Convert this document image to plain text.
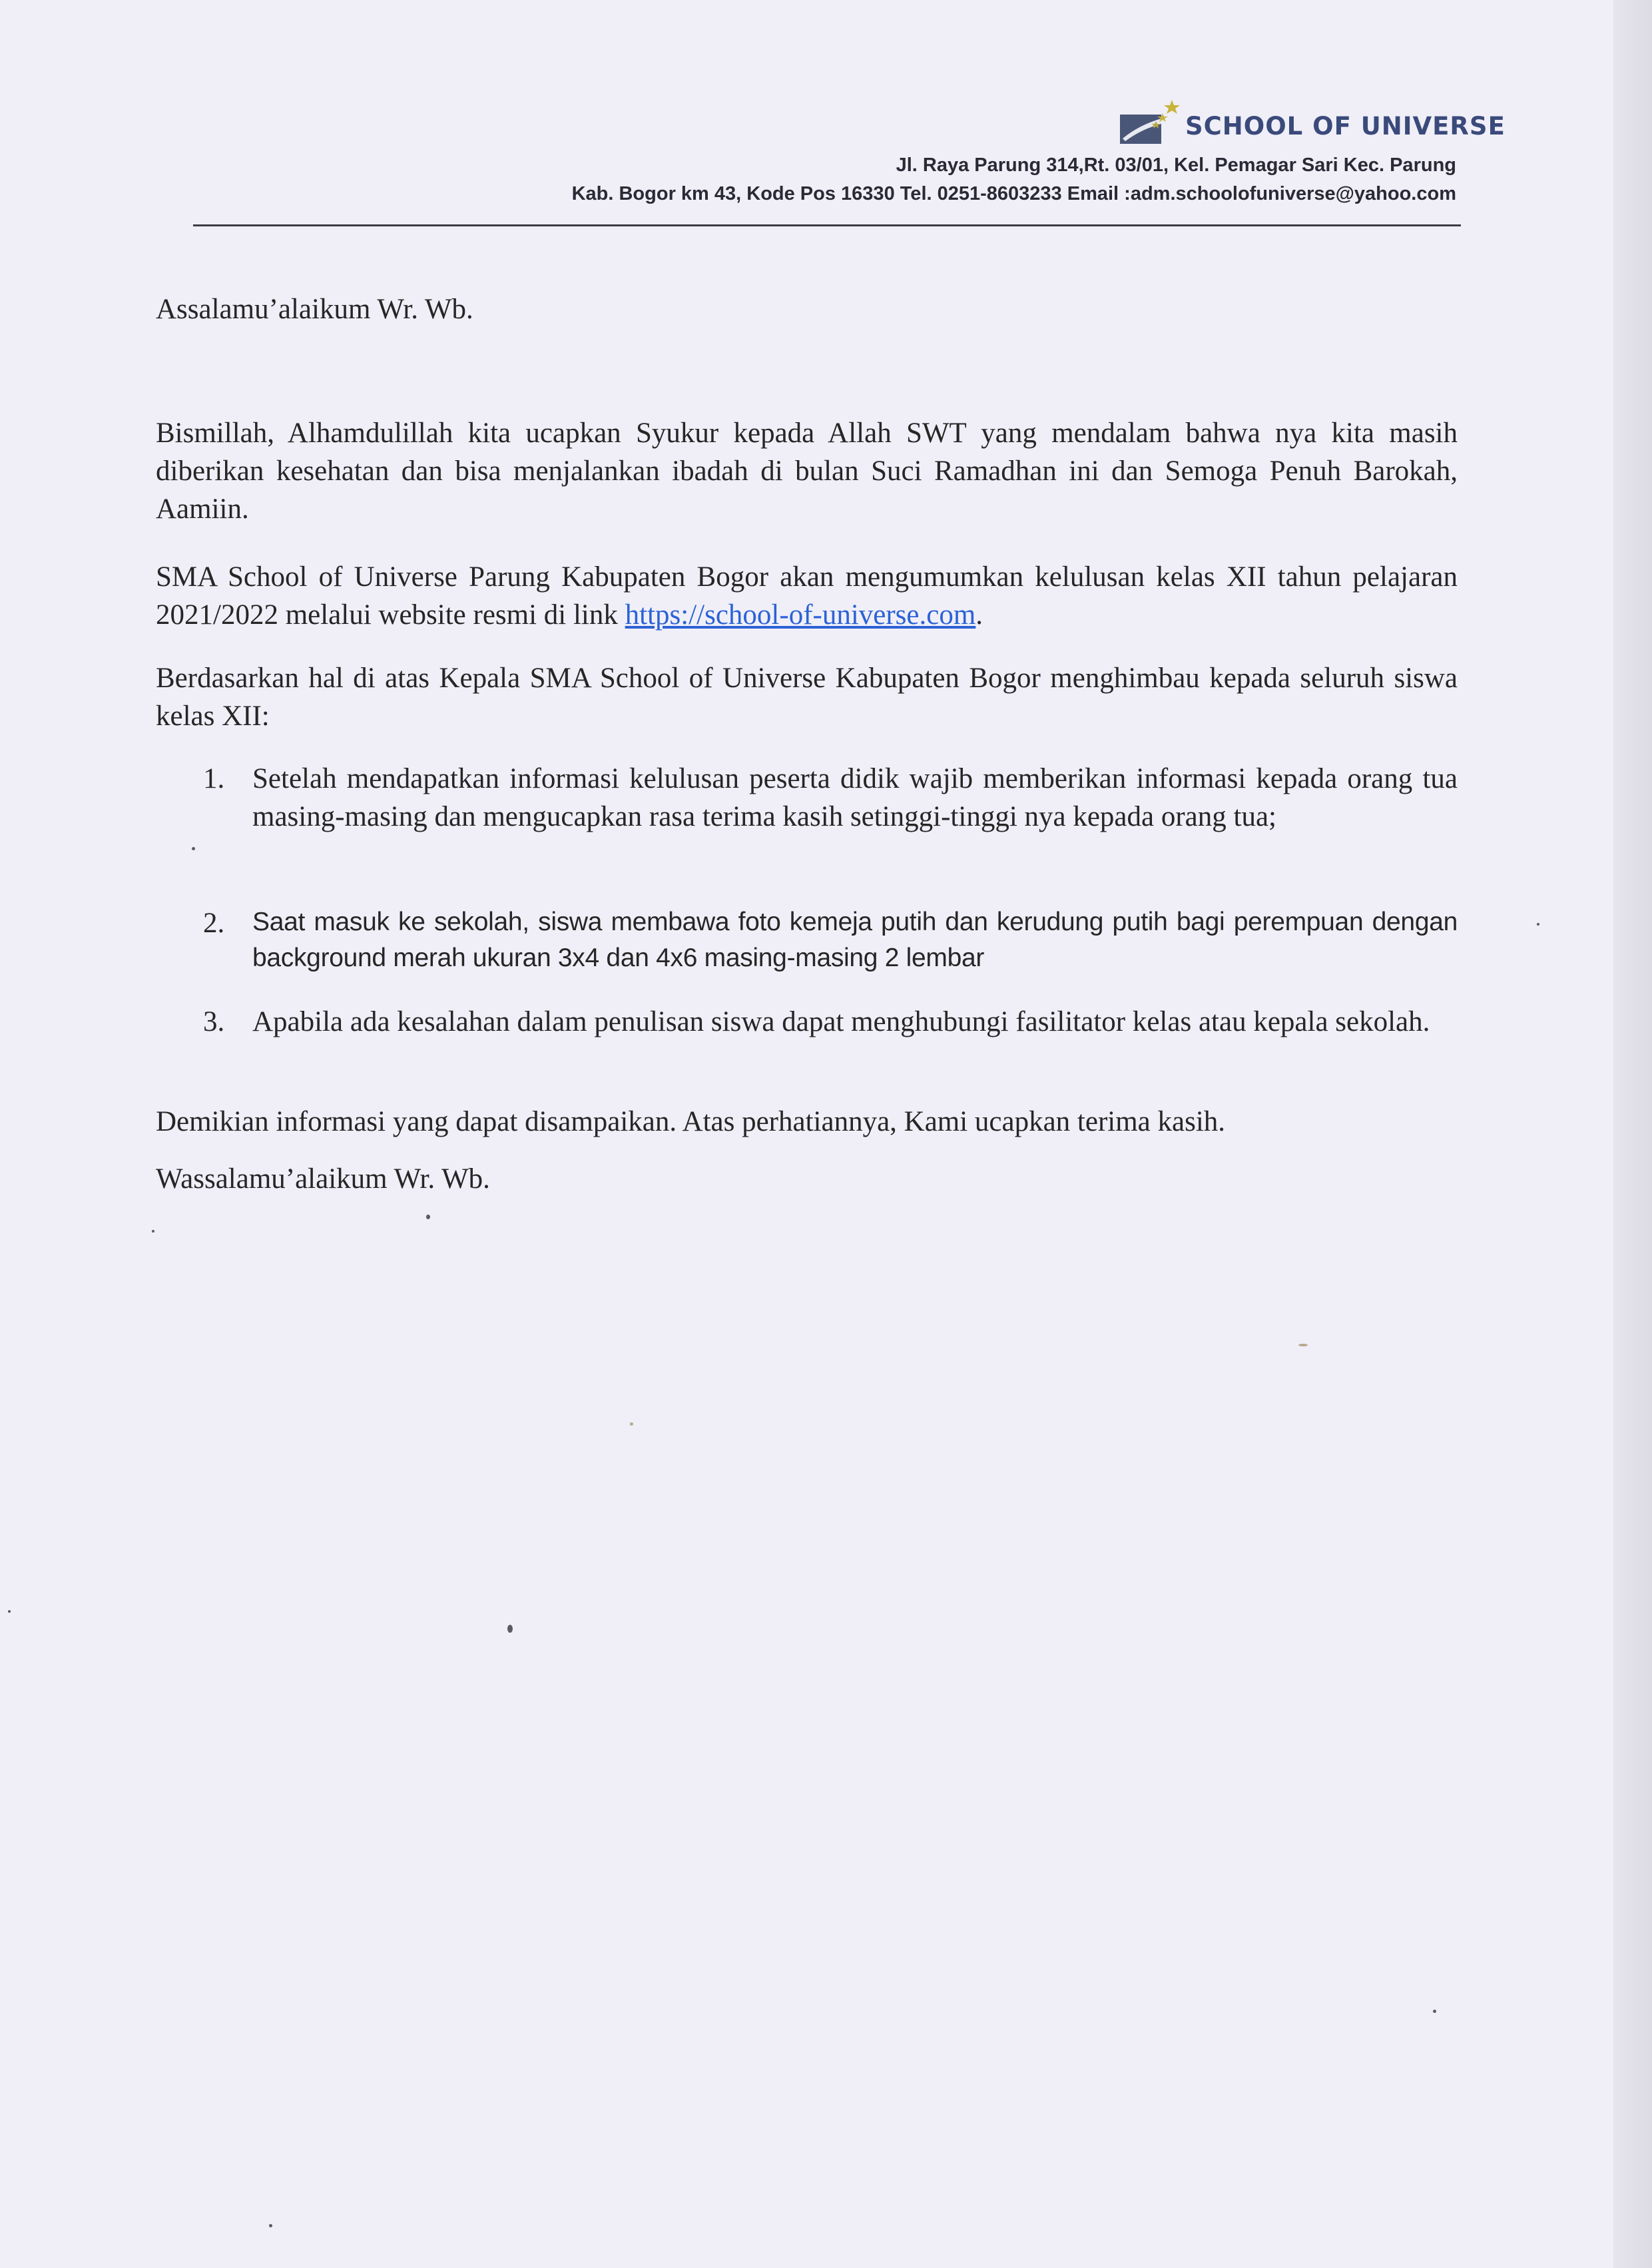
SCHOOL OF UNIVERSE
Jl. Raya Parung 314,Rt. 03/01, Kel. Pemagar Sari Kec. Parung
Kab. Bogor km 43, Kode Pos 16330 Tel. 0251-8603233 Email :adm.schoolofuniverse@yahoo.com
Assalamu’alaikum Wr. Wb.
Bismillah, Alhamdulillah kita ucapkan Syukur kepada Allah SWT yang mendalam bahwa nya kita masih diberikan kesehatan dan bisa menjalankan ibadah di bulan Suci Ramadhan ini dan Semoga Penuh Barokah, Aamiin.
SMA School of Universe Parung Kabupaten Bogor akan mengumumkan kelulusan kelas XII tahun pelajaran 2021/2022 melalui website resmi di link https://school-of-universe.com.
Berdasarkan hal di atas Kepala SMA School of Universe Kabupaten Bogor menghimbau kepada seluruh siswa kelas XII:
1. Setelah mendapatkan informasi kelulusan peserta didik wajib memberikan informasi kepada orang tua masing-masing dan mengucapkan rasa terima kasih setinggi-tinggi nya kepada orang tua;
2.	Saat masuk ke sekolah, siswa membawa foto kemeja putih dan kerudung putih bagi perempuan dengan background merah ukuran 3x4 dan 4x6 masing-masing 2 lembar
3. Apabila ada kesalahan dalam penulisan siswa dapat menghubungi fasilitator kelas atau kepala sekolah.
Demikian informasi yang dapat disampaikan. Atas perhatiannya, Kami ucapkan terima kasih.
Wassalamu’alaikum Wr. Wb.
